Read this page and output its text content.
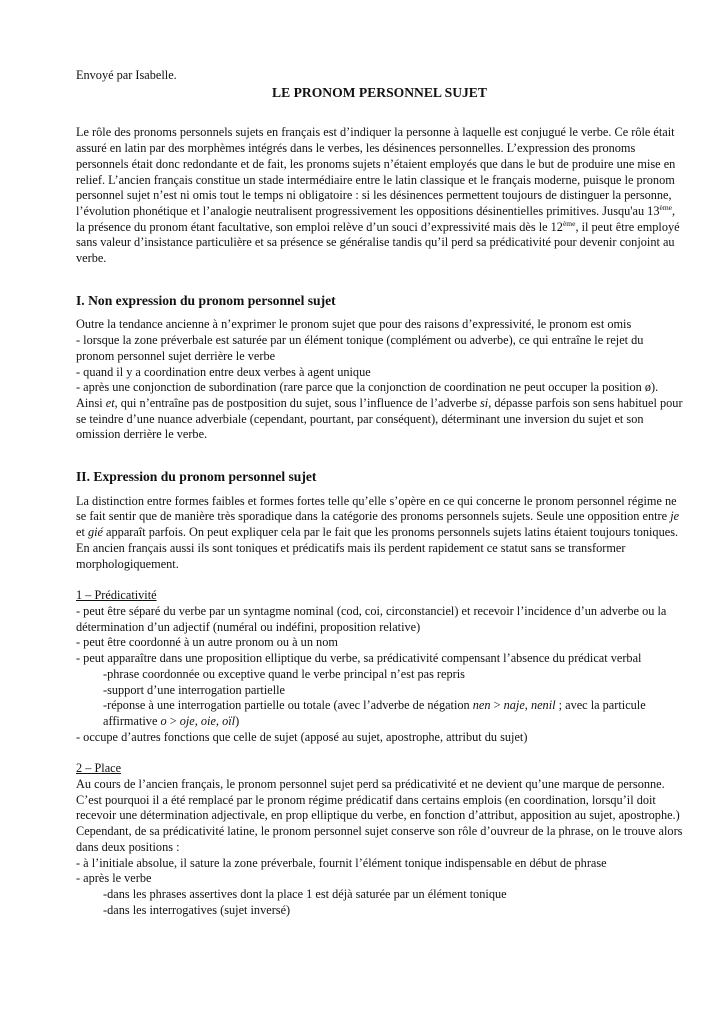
Envoyé par Isabelle.

LE PRONOM PERSONNEL SUJET

Le rôle des pronoms personnels sujets en français est d’indiquer la personne à laquelle est conjugué le verbe. Ce rôle était assuré en latin par des morphèmes intégrés dans le verbes, les désinences personnelles. L’expression des pronoms personnels était donc redondante et de fait, les pronoms sujets n’étaient employés que dans le but de produire une mise en relief. L’ancien français constitue un stade intermédiaire entre le latin classique et le français moderne, puisque le pronom personnel sujet n’est ni omis tout le temps ni obligatoire : si les désinences permettent toujours de distinguer la personne, l’évolution phonétique et l’analogie neutralisent progressivement les oppositions désinentielles primitives. Jusqu'au 13ème, la présence du pronom étant facultative, son emploi relève d’un souci d’expressivité mais dès le 12ème, il peut être employé sans valeur d’insistance particulière et sa présence se généralise tandis qu’il perd sa prédicativité pour devenir conjoint au verbe.

I. Non expression du pronom personnel sujet

Outre la tendance ancienne à n’exprimer le pronom sujet que pour des raisons d’expressivité, le pronom est omis

- lorsque la zone préverbale est saturée par un élément tonique (complément ou adverbe), ce qui entraîne le rejet du pronom personnel sujet derrière le verbe

- quand il y a coordination entre deux verbes à agent unique

- après une conjonction de subordination (rare parce que la conjonction de coordination ne peut occuper la position ø). Ainsi et, qui n’entraîne pas de postposition du sujet, sous l’influence de l’adverbe si, dépasse parfois son sens habituel pour se teindre d’une nuance adverbiale (cependant, pourtant, par conséquent), déterminant une inversion du sujet et son omission derrière le verbe.

II. Expression du pronom personnel sujet

La distinction entre formes faibles et formes fortes telle qu’elle s’opère en ce qui concerne le pronom personnel régime ne se fait sentir que de manière très sporadique dans la catégorie des pronoms personnels sujets. Seule une opposition entre je et gié apparaît parfois. On peut expliquer cela par le fait que les pronoms personnels sujets latins étaient toujours toniques. En ancien français aussi ils sont toniques et prédicatifs mais ils perdent rapidement ce statut sans se transformer morphologiquement.

1 – Prédicativité

- peut être séparé du verbe par un syntagme nominal (cod, coi, circonstanciel) et recevoir l’incidence d’un adverbe ou la détermination d’un adjectif (numéral ou indéfini, proposition relative)

- peut être coordonné à un autre pronom ou à un nom

- peut apparaître dans une proposition elliptique du verbe, sa prédicativité compensant l’absence du prédicat verbal

-phrase coordonnée ou exceptive quand le verbe principal n’est pas repris

-support d’une interrogation partielle

-réponse à une interrogation partielle ou totale (avec l’adverbe de négation nen > naje, nenil ; avec la particule affirmative o > oje, oie, oïl)

- occupe d’autres fonctions que celle de sujet (apposé au sujet, apostrophe, attribut du sujet)

2 – Place

Au cours de l’ancien français, le pronom personnel sujet perd sa prédicativité et ne devient qu’une marque de personne. C’est pourquoi il a été remplacé par le pronom régime prédicatif dans certains emplois (en coordination, lorsqu’il doit recevoir une détermination adjectivale, en prop elliptique du verbe, en fonction d’attribut, apposition au sujet, apostrophe.) Cependant, de sa prédicativité latine, le pronom personnel sujet conserve son rôle d’ouvreur de la phrase, on le trouve alors dans deux positions :

- à l’initiale absolue, il sature la zone préverbale, fournit l’élément tonique indispensable en début de phrase

- après le verbe

-dans les phrases assertives dont la place 1 est déjà saturée par un élément tonique

-dans les interrogatives (sujet inversé)
